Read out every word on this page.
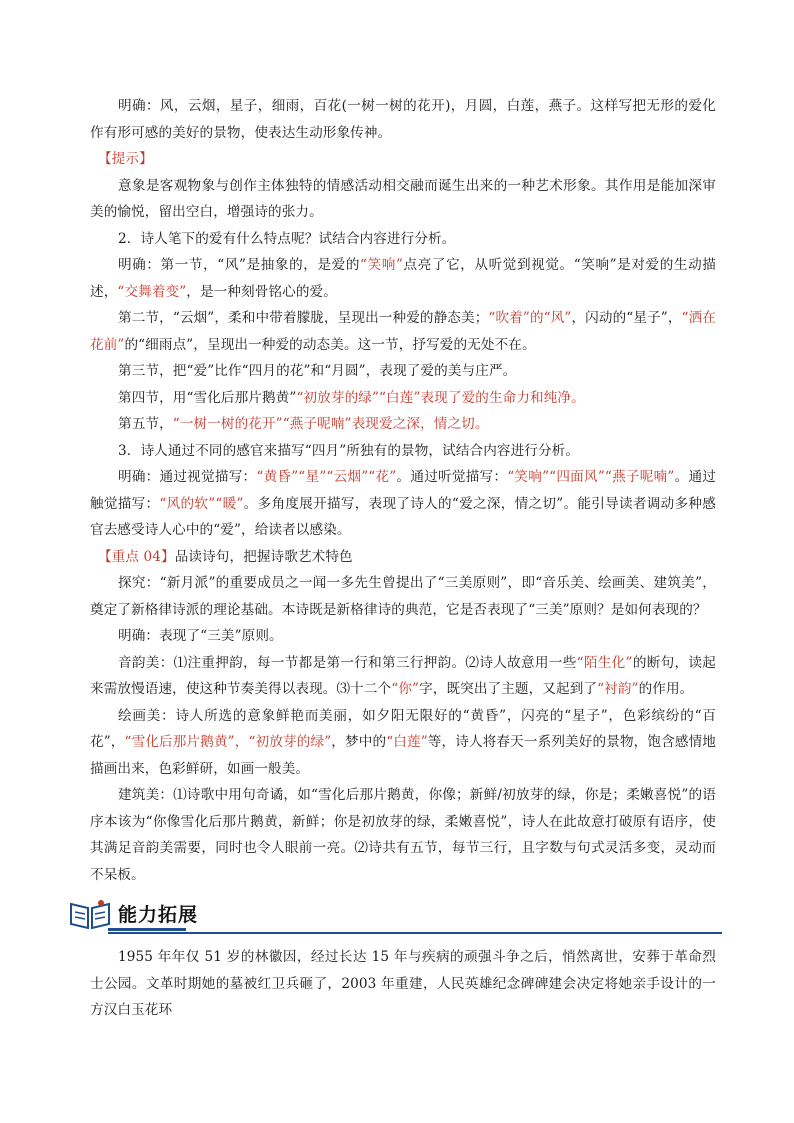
明确：风，云烟，星子，细雨，百花(一树一树的花开)，月圆，白莲，燕子。这样写把无形的爱化作有形可感的美好的景物，使表达生动形象传神。

【提示】

意象是客观物象与创作主体独特的情感活动相交融而诞生出来的一种艺术形象。其作用是能加深审美的愉悦，留出空白，增强诗的张力。

2．诗人笔下的爱有什么特点呢？试结合内容进行分析。

明确：第一节，“风”是抽象的，是爱的“笑响”点亮了它，从听觉到视觉。“笑响”是对爱的生动描述，“交舞着变”，是一种刻骨铭心的爱。

第二节，“云烟”，柔和中带着朦胧，呈现出一种爱的静态美；“吹着”的“风”，闪动的“星子”，“洒在花前”的“细雨点”，呈现出一种爱的动态美。这一节，抒写爱的无处不在。

第三节，把“爱”比作“四月的花”和“月圆”，表现了爱的美与庄严。

第四节，用“雪化后那片鹅黄”“初放芽的绿”“白莲”表现了爱的生命力和纯净。

第五节，“一树一树的花开”“燕子呢喃”表现爱之深，情之切。

3．诗人通过不同的感官来描写“四月”所独有的景物，试结合内容进行分析。

明确：通过视觉描写：“黄昏”“星”“云烟”“花”。通过听觉描写：“笑响”“四面风”“燕子呢喃”。通过触觉描写：“风的软”“暖”。多角度展开描写，表现了诗人的“爱之深，情之切”。能引导读者调动多种感官去感受诗人心中的“爱”，给读者以感染。

【重点 04】品读诗句，把握诗歌艺术特色

探究：“新月派”的重要成员之一闻一多先生曾提出了“三美原则”，即“音乐美、绘画美、建筑美”，奠定了新格律诗派的理论基础。本诗既是新格律诗的典范，它是否表现了“三美”原则？是如何表现的？

明确：表现了“三美”原则。

音韵美：⑴注重押韵，每一节都是第一行和第三行押韵。⑵诗人故意用一些“陌生化”的断句，读起来需放慢语速，使这种节奏美得以表现。⑶十二个“你”字，既突出了主题，又起到了“衬韵”的作用。

绘画美：诗人所选的意象鲜艳而美丽，如夕阳无限好的“黄昏”，闪亮的“星子”，色彩缤纷的“百花”，“雪化后那片鹅黄”，“初放芽的绿”，梦中的“白莲”等，诗人将春天一系列美好的景物，饱含感情地描画出来，色彩鲜研，如画一般美。

建筑美：⑴诗歌中用句奇谲，如“雪化后那片鹅黄，你像；新鲜/初放芽的绿，你是；柔嫩喜悦”的语序本该为“你像雪化后那片鹅黄，新鲜；你是初放芽的绿，柔嫩喜悦”，诗人在此故意打破原有语序，使其满足音韵美需要，同时也令人眼前一亮。⑵诗共有五节，每节三行，且字数与句式灵活多变，灵动而不呆板。

能力拓展

1955 年年仅 51 岁的林徽因，经过长达 15 年与疾病的顽强斗争之后，悄然离世，安葬于革命烈士公园。文革时期她的墓被红卫兵砸了，2003 年重建，人民英雄纪念碑碑建会决定将她亲手设计的一方汉白玉花环
